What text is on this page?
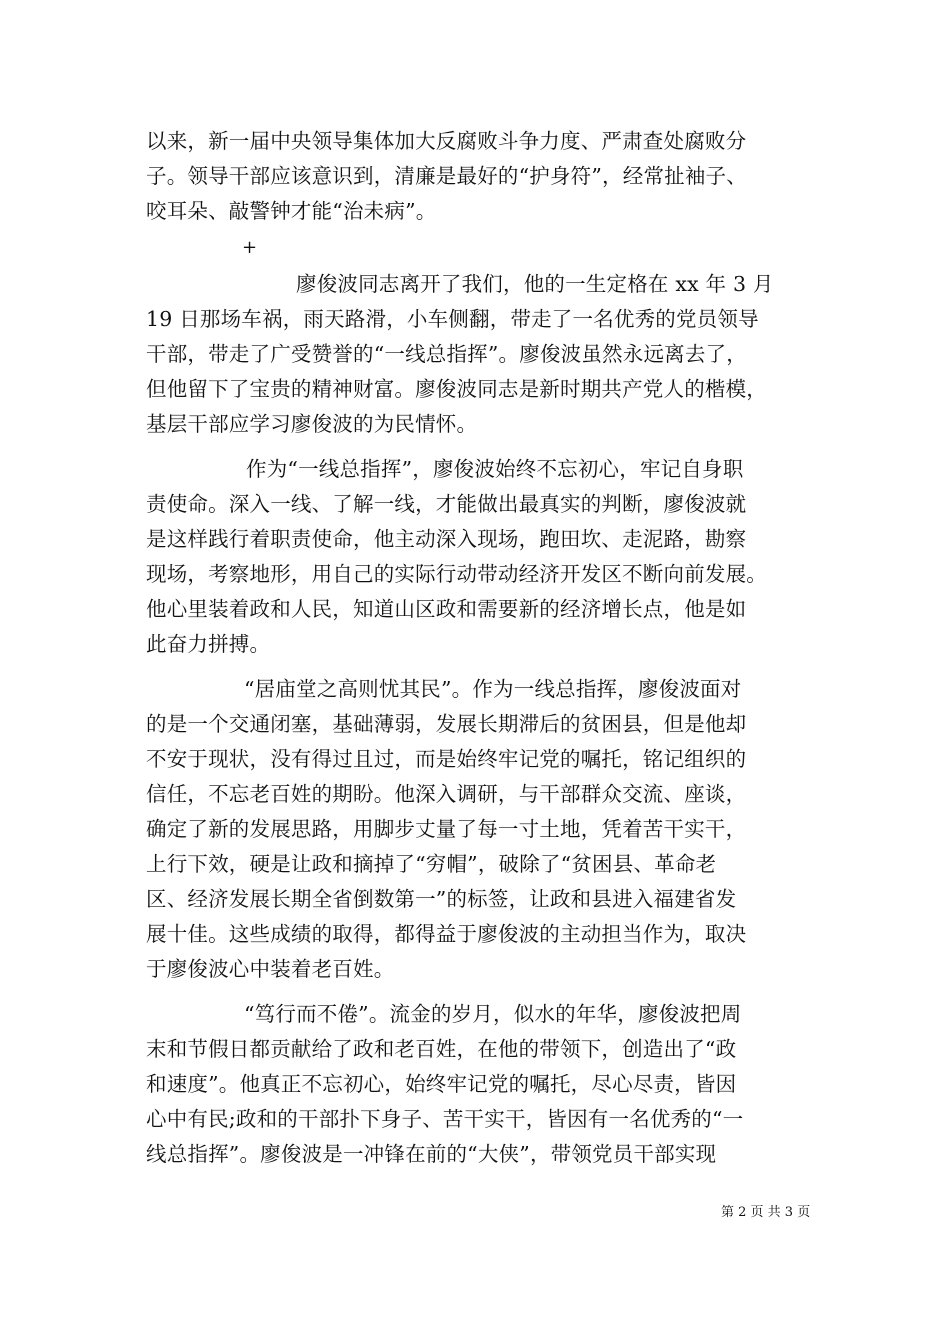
以来，新一届中央领导集体加大反腐败斗争力度、严肃查处腐败分
子。领导干部应该意识到，清廉是最好的“护身符”，经常扯袖子、
咬耳朵、敲警钟才能“治未病”。
+
廖俊波同志离开了我们，他的一生定格在 xx 年 3 月
19 日那场车祸，雨天路滑，小车侧翻，带走了一名优秀的党员领导
干部，带走了广受赞誉的“一线总指挥”。廖俊波虽然永远离去了，
但他留下了宝贵的精神财富。廖俊波同志是新时期共产党人的楷模，
基层干部应学习廖俊波的为民情怀。
作为“一线总指挥”，廖俊波始终不忘初心，牢记自身职
责使命。深入一线、了解一线，才能做出最真实的判断，廖俊波就
是这样践行着职责使命，他主动深入现场，跑田坎、走泥路，勘察
现场，考察地形，用自己的实际行动带动经济开发区不断向前发展。
他心里装着政和人民，知道山区政和需要新的经济增长点，他是如
此奋力拼搏。
“居庙堂之高则忧其民”。作为一线总指挥，廖俊波面对
的是一个交通闭塞，基础薄弱，发展长期滞后的贫困县，但是他却
不安于现状，没有得过且过，而是始终牢记党的嘱托，铭记组织的
信任，不忘老百姓的期盼。他深入调研，与干部群众交流、座谈，
确定了新的发展思路，用脚步丈量了每一寸土地，凭着苦干实干，
上行下效，硬是让政和摘掉了“穷帽”，破除了“贫困县、革命老
区、经济发展长期全省倒数第一”的标签，让政和县进入福建省发
展十佳。这些成绩的取得，都得益于廖俊波的主动担当作为，取决
于廖俊波心中装着老百姓。
“笃行而不倦”。流金的岁月，似水的年华，廖俊波把周
末和节假日都贡献给了政和老百姓，在他的带领下，创造出了“政
和速度”。他真正不忘初心，始终牢记党的嘱托，尽心尽责，皆因
心中有民;政和的干部扑下身子、苦干实干，皆因有一名优秀的“一
线总指挥”。廖俊波是一冲锋在前的“大侠”，带领党员干部实现
第 2 页 共 3 页
